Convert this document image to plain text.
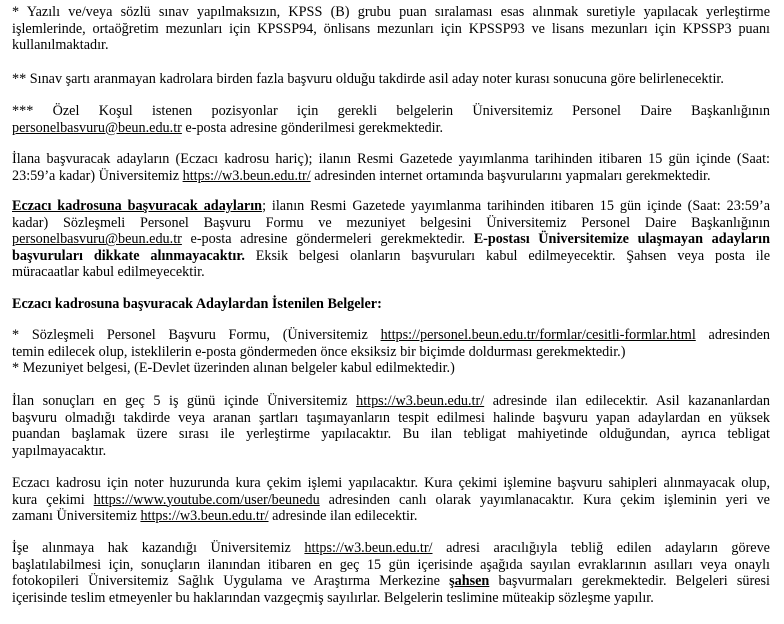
* Yazılı ve/veya sözlü sınav yapılmaksızın, KPSS (B) grubu puan sıralaması esas alınmak suretiyle yapılacak yerleştirme
işlemlerinde, ortaöğretim mezunları için KPSSP94, önlisans mezunları için KPSSP93 ve lisans mezunları için KPSSP3 puanı
kullanılmaktadır.
** Sınav şartı aranmayan kadrolara birden fazla başvuru olduğu takdirde asil aday noter kurası sonucuna göre belirlenecektir.
*** Özel Koşul istenen pozisyonlar için gerekli belgelerin Üniversitemiz Personel Daire Başkanlığının
personelbasvuru@beun.edu.tr e-posta adresine gönderilmesi gerekmektedir.
İlana başvuracak adayların (Eczacı kadrosu hariç); ilanın Resmi Gazetede yayımlanma tarihinden itibaren 15 gün içinde (Saat:
23:59’a kadar) Üniversitemiz https://w3.beun.edu.tr/ adresinden internet ortamında başvurularını yapmaları gerekmektedir.
Eczacı kadrosuna başvuracak adayların; ilanın Resmi Gazetede yayımlanma tarihinden itibaren 15 gün içinde (Saat: 23:59’a
kadar) Sözleşmeli Personel Başvuru Formu ve mezuniyet belgesini Üniversitemiz Personel Daire Başkanlığının
personelbasvuru@beun.edu.tr e-posta adresine göndermeleri gerekmektedir. E-postası Üniversitemize ulaşmayan adayların
başvuruları dikkate alınmayacaktır. Eksik belgesi olanların başvuruları kabul edilmeyecektir. Şahsen veya posta ile
müracaatlar kabul edilmeyecektir.
Eczacı kadrosuna başvuracak Adaylardan İstenilen Belgeler:
* Sözleşmeli Personel Başvuru Formu, (Üniversitemiz https://personel.beun.edu.tr/formlar/cesitli-formlar.html adresinden
temin edilecek olup, isteklilerin e-posta göndermeden önce eksiksiz bir biçimde doldurması gerekmektedir.)
* Mezuniyet belgesi, (E-Devlet üzerinden alınan belgeler kabul edilmektedir.)
İlan sonuçları en geç 5 iş günü içinde Üniversitemiz https://w3.beun.edu.tr/ adresinde ilan edilecektir. Asil kazananlardan
başvuru olmadığı takdirde veya aranan şartları taşımayanların tespit edilmesi halinde başvuru yapan adaylardan en yüksek
puandan başlamak üzere sırası ile yerleştirme yapılacaktır. Bu ilan tebligat mahiyetinde olduğundan, ayrıca tebligat
yapılmayacaktır.
Eczacı kadrosu için noter huzurunda kura çekim işlemi yapılacaktır. Kura çekimi işlemine başvuru sahipleri alınmayacak olup,
kura çekimi https://www.youtube.com/user/beunedu adresinden canlı olarak yayımlanacaktır. Kura çekim işleminin yeri ve
zamanı Üniversitemiz https://w3.beun.edu.tr/ adresinde ilan edilecektir.
İşe alınmaya hak kazandığı Üniversitemiz https://w3.beun.edu.tr/ adresi aracılığıyla tebliğ edilen adayların göreve
başlatılabilmesi için, sonuçların ilanından itibaren en geç 15 gün içerisinde aşağıda sayılan evraklarının asılları veya onaylı
fotokopileri Üniversitemiz Sağlık Uygulama ve Araştırma Merkezine şahsen başvurmaları gerekmektedir. Belgeleri süresi
içerisinde teslim etmeyenler bu haklarından vazgeçmiş sayılırlar. Belgelerin teslimine müteakip sözleşme yapılır.
